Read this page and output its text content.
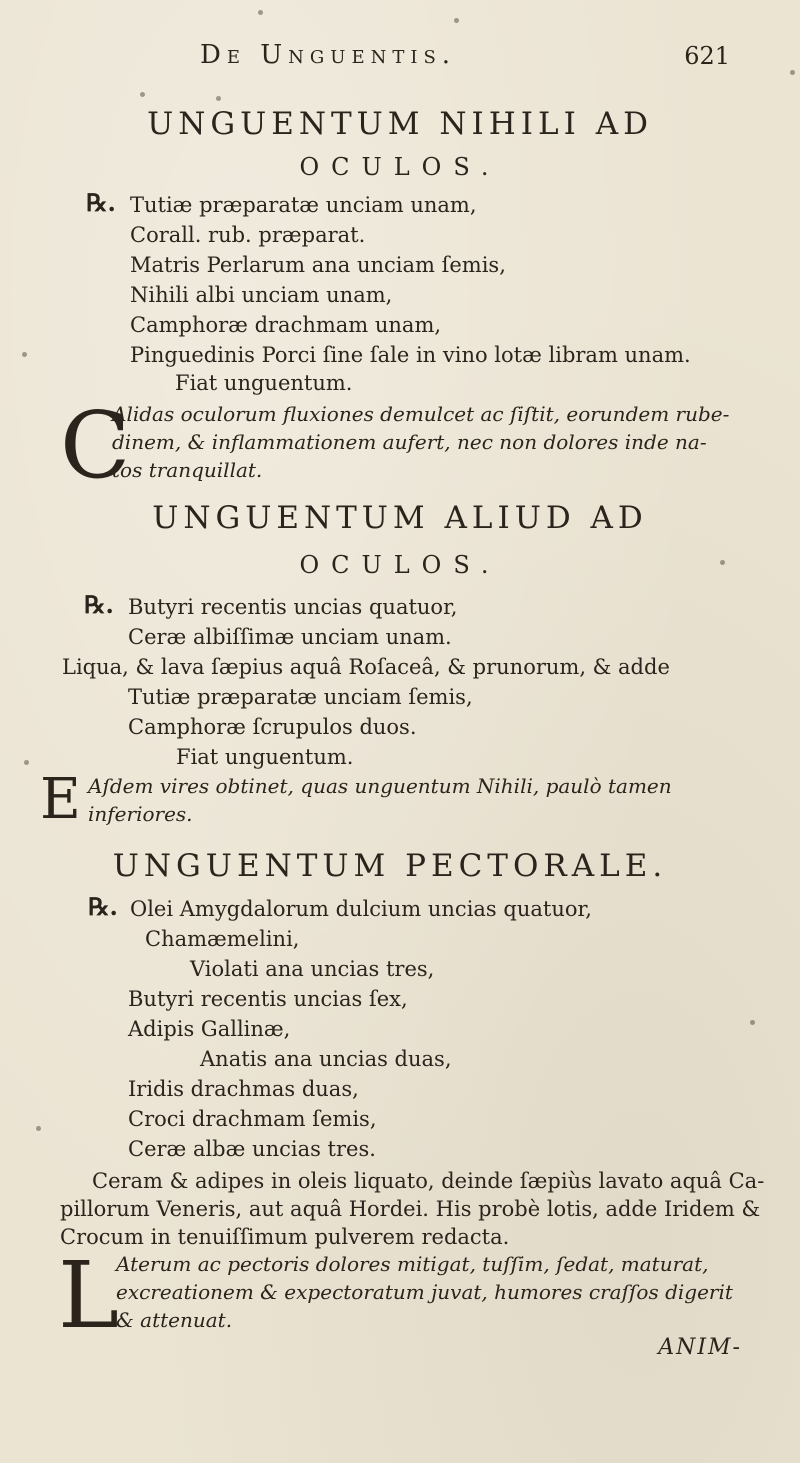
De Unguentis.	621
UNGUENTUM NIHILI AD
OCULOS.
℞. Tutiæ præparatæ unciam unam,
Corall. rub. præparat.
Matris Perlarum ana unciam ſemis,
Nihili albi unciam unam,
Camphoræ drachmam unam,
Pinguedinis Porci ſine ſale in vino lotæ libram unam.
Fiat unguentum.
C
Alidas oculorum fluxiones demulcet ac ſiſtit, eorundem rube-
dinem, & inflammationem aufert, nec non dolores inde na-
tos tranquillat.
UNGUENTUM ALIUD AD
OCULOS.
℞. Butyri recentis uncias quatuor,
Ceræ albiſſimæ unciam unam.
Liqua, & lava ſæpius aquâ Roſaceâ, & prunorum, & adde
Tutiæ præparatæ unciam ſemis,
Camphoræ ſcrupulos duos.
Fiat unguentum.
E Aſdem vires obtinet, quas unguentum Nihili, paulò tamen
inferiores.
UNGUENTUM PECTORALE.
℞. Olei Amygdalorum dulcium uncias quatuor,
Chamæmelini,
Violati ana uncias tres,
Butyri recentis uncias ſex,
Adipis Gallinæ,
Anatis ana uncias duas,
Iridis drachmas duas,
Croci drachmam ſemis,
Ceræ albæ uncias tres.
Ceram & adipes in oleis liquato, deinde ſæpiùs lavato aquâ Ca-
pillorum Veneris, aut aquâ Hordei. His probè lotis, adde Iridem &
Crocum in tenuiſſimum pulverem redacta.
L
Aterum ac pectoris dolores mitigat, tuſſim, ſedat, maturat,
excreationem & expectoratum juvat, humores craſſos digerit
& attenuat.
ANIM-
